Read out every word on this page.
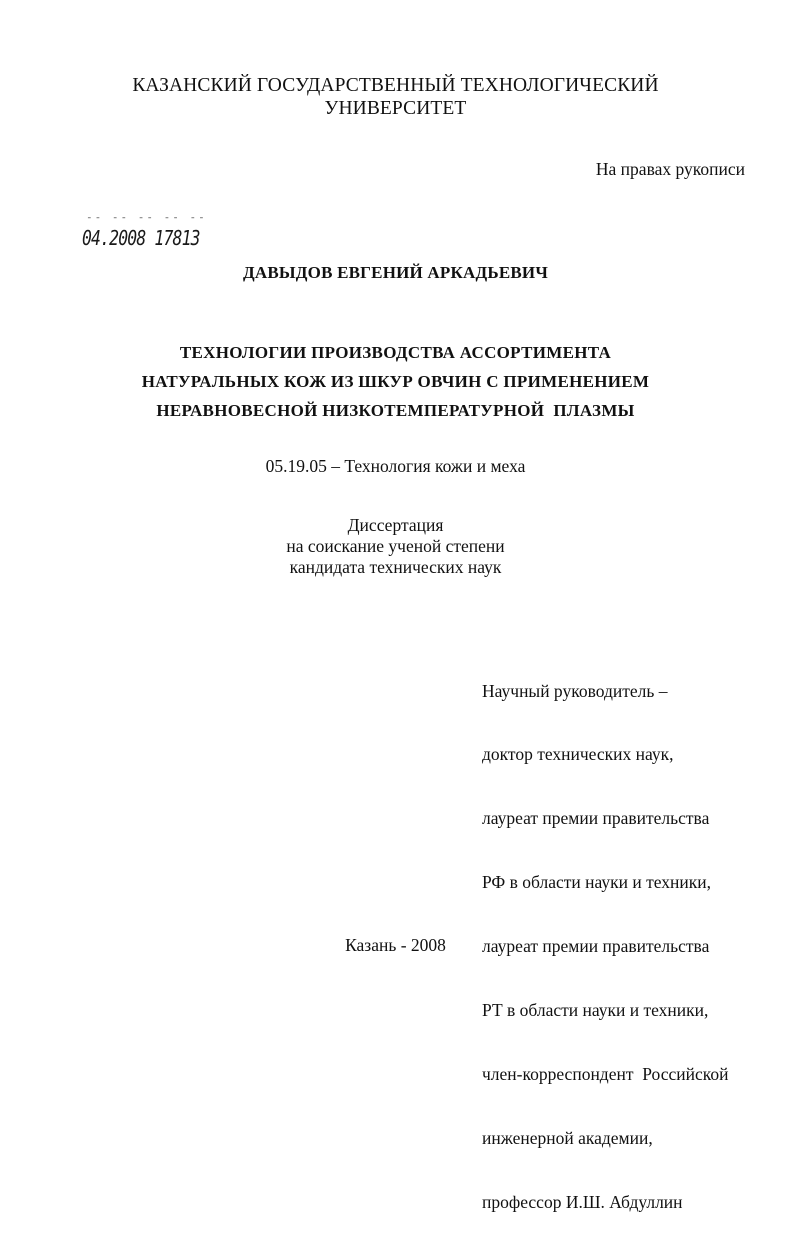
КАЗАНСКИЙ ГОСУДАРСТВЕННЫЙ ТЕХНОЛОГИЧЕСКИЙ
УНИВЕРСИТЕТ
На правах рукописи
-- -- -- -- --
04.2008 17813
ДАВЫДОВ ЕВГЕНИЙ АРКАДЬЕВИЧ
ТЕХНОЛОГИИ ПРОИЗВОДСТВА АССОРТИМЕНТА
НАТУРАЛЬНЫХ КОЖ ИЗ ШКУР ОВЧИН С ПРИМЕНЕНИЕМ
НЕРАВНОВЕСНОЙ НИЗКОТЕМПЕРАТУРНОЙ  ПЛАЗМЫ
05.19.05 – Технология кожи и меха
Диссертация
на соискание ученой степени
кандидата технических наук

Научный руководитель –

доктор технических наук,

лауреат премии правительства

РФ в области науки и техники,

лауреат премии правительства

РТ в области науки и техники,

член-корреспондент  Российской

инженерной академии,

профессор И.Ш. Абдуллин

Казань - 2008
